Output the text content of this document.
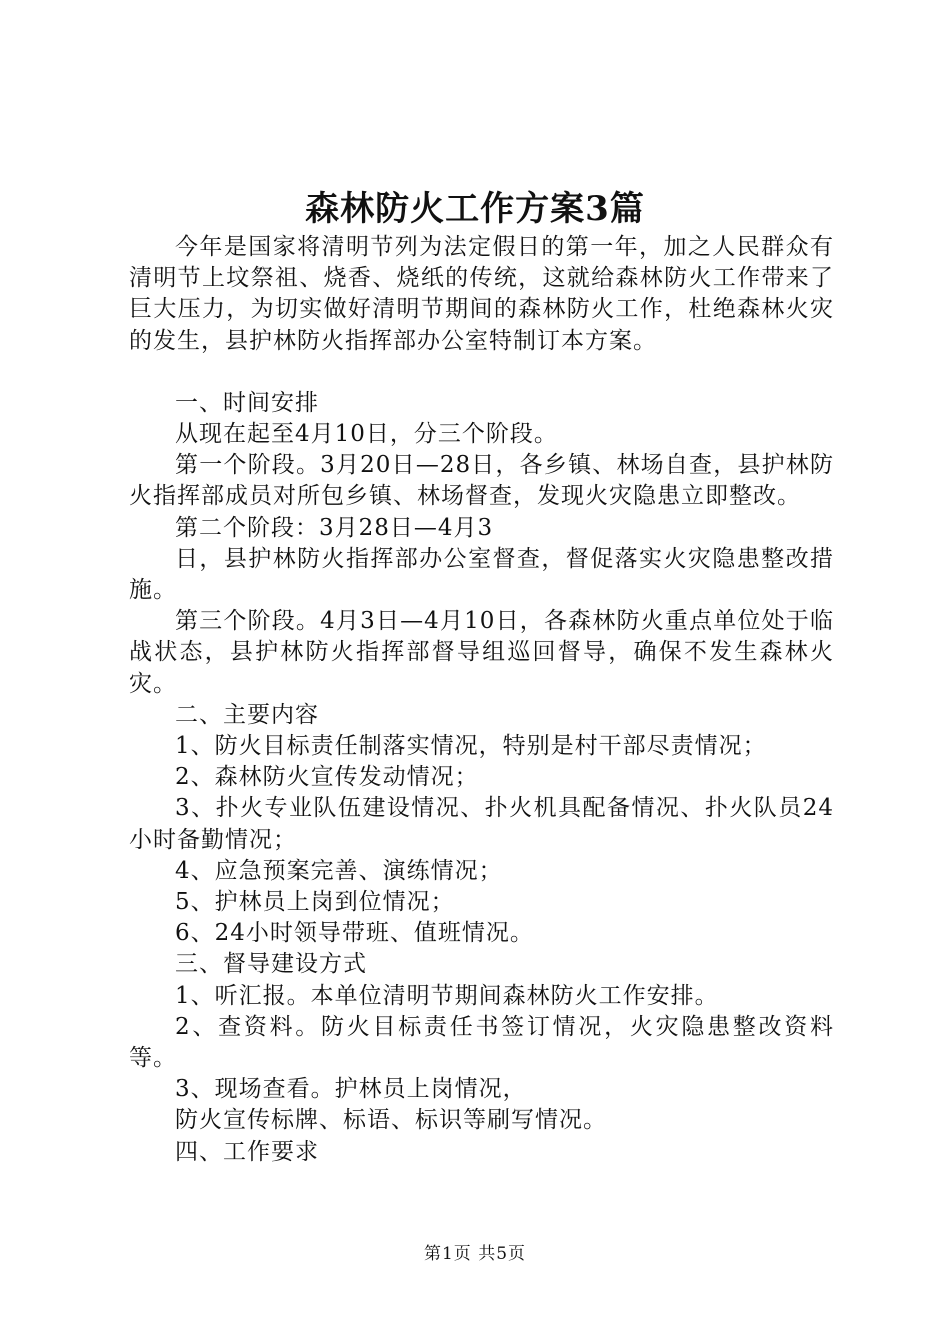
森林防火工作方案3篇

今年是国家将清明节列为法定假日的第一年，加之人民群众有清明节上坟祭祖、烧香、烧纸的传统，这就给森林防火工作带来了巨大压力，为切实做好清明节期间的森林防火工作，杜绝森林火灾的发生，县护林防火指挥部办公室特制订本方案。

一、时间安排

从现在起至4月10日，分三个阶段。

第一个阶段。3月20日—28日，各乡镇、林场自查，县护林防火指挥部成员对所包乡镇、林场督查，发现火灾隐患立即整改。

第二个阶段：3月28日—4月3

日，县护林防火指挥部办公室督查，督促落实火灾隐患整改措施。

第三个阶段。4月3日—4月10日，各森林防火重点单位处于临战状态，县护林防火指挥部督导组巡回督导，确保不发生森林火灾。

二、主要内容

1、防火目标责任制落实情况，特别是村干部尽责情况；

2、森林防火宣传发动情况；

3、扑火专业队伍建设情况、扑火机具配备情况、扑火队员24小时备勤情况；

4、应急预案完善、演练情况；

5、护林员上岗到位情况；

6、24小时领导带班、值班情况。

三、督导建设方式

1、听汇报。本单位清明节期间森林防火工作安排。

2、查资料。防火目标责任书签订情况，火灾隐患整改资料等。

3、现场查看。护林员上岗情况，

防火宣传标牌、标语、标识等刷写情况。

四、工作要求

第1页 共5页
